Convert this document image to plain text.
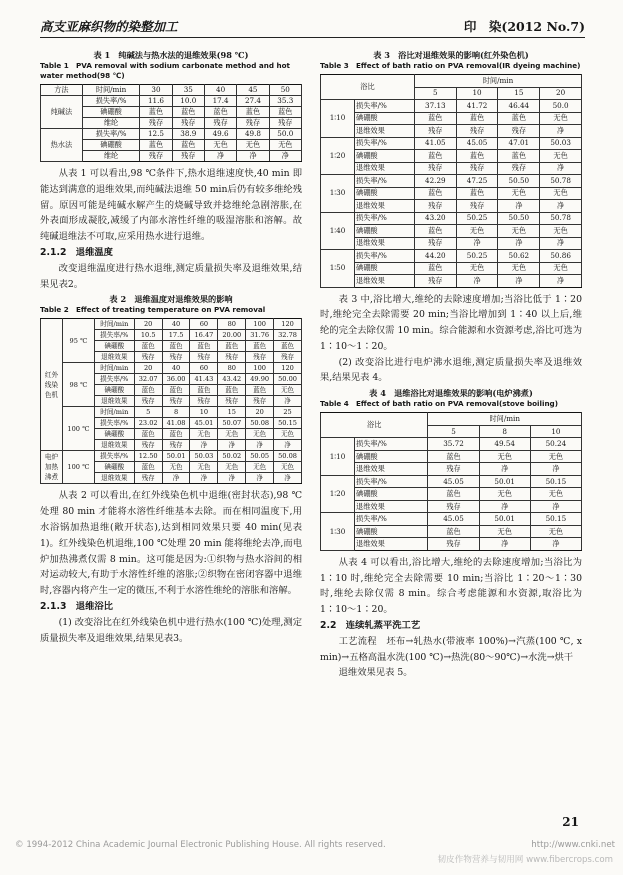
高支亚麻织物的染整加工	印　染(2012 No.7)
表 1　纯碱法与热水法的退维效果(98 ℃)
Table 1　PVA removal with sodium carbonate method and hot water method(98 ℃)
方法	时间/min	30	35	40	45	50
纯碱法	损失率/%	11.6	10.0	17.4	27.4	35.3
	碘硼酸	蓝色	蓝色	蓝色	蓝色	蓝色
	维纶	残存	残存	残存	残存	残存
热水法	损失率/%	12.5	38.9	49.6	49.8	50.0
	碘硼酸	蓝色	蓝色	无色	无色	无色
	维纶	残存	残存	净	净	净

从表 1 可以看出,98 ℃条件下,热水退维速度快,40 min 即能达到满意的退维效果,而纯碱法退维 50 min后仍有较多维纶残留。原因可能是纯碱水解产生的烧碱导致并捻维纶急剧溶胀,在外表面形成凝胶,减缓了内部水溶性纤维的吸湿溶胀和溶解。故纯碱退维法不可取,应采用热水进行退维。

2.1.2　退维温度

改变退维温度进行热水退维,测定质量损失率及退维效果,结果见表2。

表 2　退维温度对退维效果的影响
Table 2　Effect of treating temperature on PVA removal
红外线染色机	95 ℃	时间/min	20	40	60	80	100	120
		损失率/%	10.5	17.5	16.47	20.00	31.76	32.78
		碘硼酸	蓝色	蓝色	蓝色	蓝色	蓝色	蓝色
		退维效果	残存	残存	残存	残存	残存	残存
	98 ℃	时间/min	20	40	60	80	100	120
		损失率/%	32.07	36.00	41.43	43.42	49.90	50.00
		碘硼酸	蓝色	蓝色	蓝色	蓝色	蓝色	无色
		退维效果	残存	残存	残存	残存	残存	净
	100 ℃	时间/min	5	8	10	15	20	25
		损失率/%	23.02	41.08	45.01	50.07	50.08	50.15
		碘硼酸	蓝色	蓝色	无色	无色	无色	无色
		退维效果	残存	残存	净	净	净	净
电炉加热沸煮	100 ℃	损失率/%	12.50	50.01	50.03	50.02	50.05	50.08
		碘硼酸	蓝色	无色	无色	无色	无色	无色
		退维效果	残存	净	净	净	净	净

从表 2 可以看出,在红外线染色机中退维(密封状态),98 ℃处理 80 min 才能将水溶性纤维基本去除。而在相同温度下,用水浴锅加热退维(敞开状态),达到相同效果只要 40 min(见表 1)。红外线染色机退维,100 ℃处理 20 min 能将维纶去净,而电炉加热沸煮仅需 8 min。这可能是因为:①织物与热水浴间的相对运动较大,有助于水溶性纤维的溶胀;②织物在密闭容器中退维时,容器内将产生一定的微压,不利于水溶性维纶的溶胀和溶解。

2.1.3　退维浴比

(1) 改变浴比在红外线染色机中进行热水(100 ℃)处理,测定质量损失率及退维效果,结果见表3。

表 3　浴比对退维效果的影响(红外染色机)
Table 3　Effect of bath ratio on PVA removal(IR dyeing machine)
浴比		时间/min			
		5	10	15	20
1∶10	损失率/%	37.13	41.72	46.44	50.0
	碘硼酸	蓝色	蓝色	蓝色	无色
	退维效果	残存	残存	残存	净
1∶20	损失率/%	41.05	45.05	47.01	50.03
	碘硼酸	蓝色	蓝色	蓝色	无色
	退维效果	残存	残存	残存	净
1∶30	损失率/%	42.29	47.25	50.50	50.78
	碘硼酸	蓝色	蓝色	无色	无色
	退维效果	残存	残存	净	净
1∶40	损失率/%	43.20	50.25	50.50	50.78
	碘硼酸	蓝色	无色	无色	无色
	退维效果	残存	净	净	净
1∶50	损失率/%	44.20	50.25	50.62	50.86
	碘硼酸	蓝色	无色	无色	无色
	退维效果	残存	净	净	净

表 3 中,浴比增大,维纶的去除速度增加;当浴比低于 1∶20 时,维纶完全去除需要 20 min;当浴比增加到 1∶40 以上后,维纶的完全去除仅需 10 min。综合能源和水资源考虑,浴比可选为 1∶10～1∶20。

(2) 改变浴比进行电炉沸水退维,测定质量损失率及退维效果,结果见表 4。

表 4　退维浴比对退维效果的影响(电炉沸煮)
Table 4　Effect of bath ratio on PVA removal(stove boiling)
浴比		时间/min		
		5	8	10
1∶10	损失率/%	35.72	49.54	50.24
	碘硼酸	蓝色	无色	无色
	退维效果	残存	净	净
1∶20	损失率/%	45.05	50.01	50.15
	碘硼酸	蓝色	无色	无色
	退维效果	残存	净	净
1∶30	损失率/%	45.05	50.01	50.15
	碘硼酸	蓝色	无色	无色
	退维效果	残存	净	净

从表 4 可以看出,浴比增大,维纶的去除速度增加;当浴比为 1∶10 时,维纶完全去除需要 10 min;当浴比 1∶20～1∶30 时,维纶去除仅需 8 min。综合考虑能源和水资源,取浴比为 1∶10～1∶20。

2.2　连续轧蒸平洗工艺

工艺流程　坯布→轧热水(带液率 100%)→汽蒸(100 ℃, x min)→五格高温水洗(100 ℃)→热洗(80～90℃)→水洗→烘干

退维效果见表 5。

21
© 1994-2012 China Academic Journal Electronic Publishing House. All rights reserved.	http://www.cnki.net
韧皮作物营养与韧用网 www.fibercrops.com
